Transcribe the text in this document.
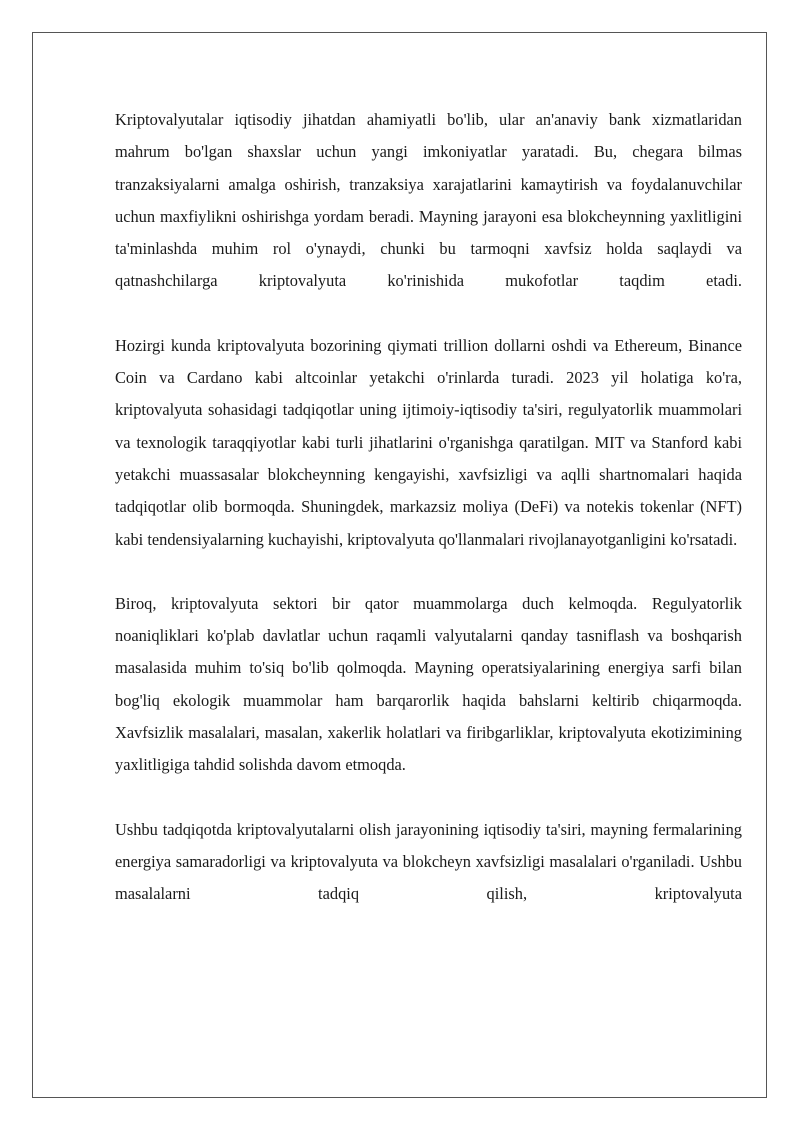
Kriptovalyutalar iqtisodiy jihatdan ahamiyatli bo'lib, ular an'anaviy bank xizmatlaridan mahrum bo'lgan shaxslar uchun yangi imkoniyatlar yaratadi. Bu, chegara bilmas tranzaksiyalarni amalga oshirish, tranzaksiya xarajatlarini kamaytirish va foydalanuvchilar uchun maxfiylikni oshirishga yordam beradi. Mayning jarayoni esa blokcheynning yaxlitligini ta'minlashda muhim rol o'ynaydi, chunki bu tarmoqni xavfsiz holda saqlaydi va qatnashchilarga kriptovalyuta ko'rinishida mukofotlar taqdim etadi.

Hozirgi kunda kriptovalyuta bozorining qiymati trillion dollarni oshdi va Ethereum, Binance Coin va Cardano kabi altcoinlar yetakchi o'rinlarda turadi. 2023 yil holatiga ko'ra, kriptovalyuta sohasidagi tadqiqotlar uning ijtimoiy-iqtisodiy ta'siri, regulyatorlik muammolari va texnologik taraqqiyotlar kabi turli jihatlarini o'rganishga qaratilgan. MIT va Stanford kabi yetakchi muassasalar blokcheynning kengayishi, xavfsizligi va aqlli shartnomalari haqida tadqiqotlar olib bormoqda. Shuningdek, markazsiz moliya (DeFi) va notekis tokenlar (NFT) kabi tendensiyalarning kuchayishi, kriptovalyuta qo'llanmalari rivojlanayotganligini ko'rsatadi.

Biroq, kriptovalyuta sektori bir qator muammolarga duch kelmoqda. Regulyatorlik noaniqliklari ko'plab davlatlar uchun raqamli valyutalarni qanday tasniflash va boshqarish masalasida muhim to'siq bo'lib qolmoqda. Mayning operatsiyalarining energiya sarfi bilan bog'liq ekologik muammolar ham barqarorlik haqida bahslarni keltirib chiqarmoqda. Xavfsizlik masalalari, masalan, xakerlik holatlari va firibgarliklar, kriptovalyuta ekotizimining yaxlitligiga tahdid solishda davom etmoqda.

Ushbu tadqiqotda kriptovalyutalarni olish jarayonining iqtisodiy ta'siri, mayning fermalarining energiya samaradorligi va kriptovalyuta va blokcheyn xavfsizligi masalalari o'rganiladi. Ushbu masalalarni tadqiq qilish, kriptovalyuta
